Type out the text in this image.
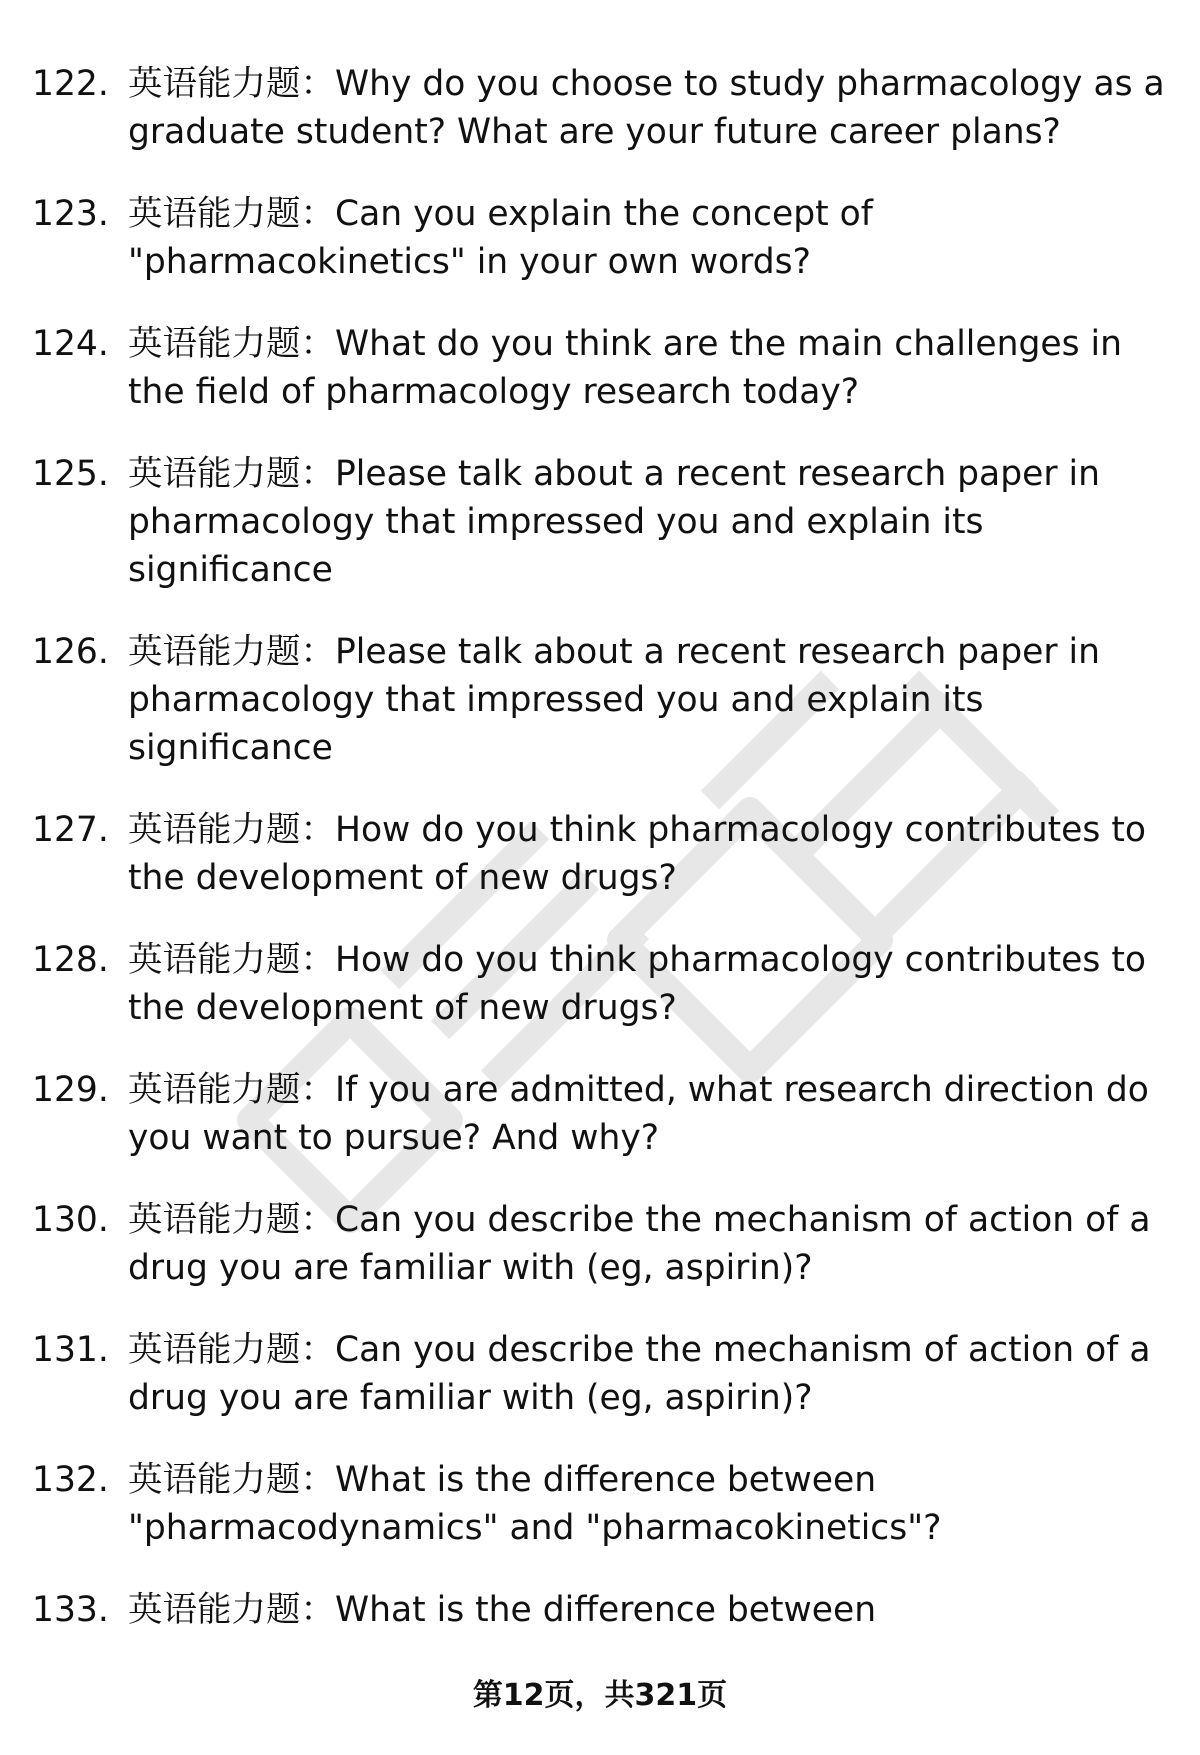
122. 英语能力题：Why do you choose to study pharmacology as a graduate student? What are your future career plans?
123. 英语能力题：Can you explain the concept of "pharmacokinetics" in your own words?
124. 英语能力题：What do you think are the main challenges in the field of pharmacology research today?
125. 英语能力题：Please talk about a recent research paper in pharmacology that impressed you and explain its significance
126. 英语能力题：Please talk about a recent research paper in pharmacology that impressed you and explain its significance
127. 英语能力题：How do you think pharmacology contributes to the development of new drugs?
128. 英语能力题：How do you think pharmacology contributes to the development of new drugs?
129. 英语能力题：If you are admitted, what research direction do you want to pursue? And why?
130. 英语能力题：Can you describe the mechanism of action of a drug you are familiar with (eg, aspirin)?
131. 英语能力题：Can you describe the mechanism of action of a drug you are familiar with (eg, aspirin)?
132. 英语能力题：What is the difference between "pharmacodynamics" and "pharmacokinetics"?
133. 英语能力题：What is the difference between
第12页，共321页
